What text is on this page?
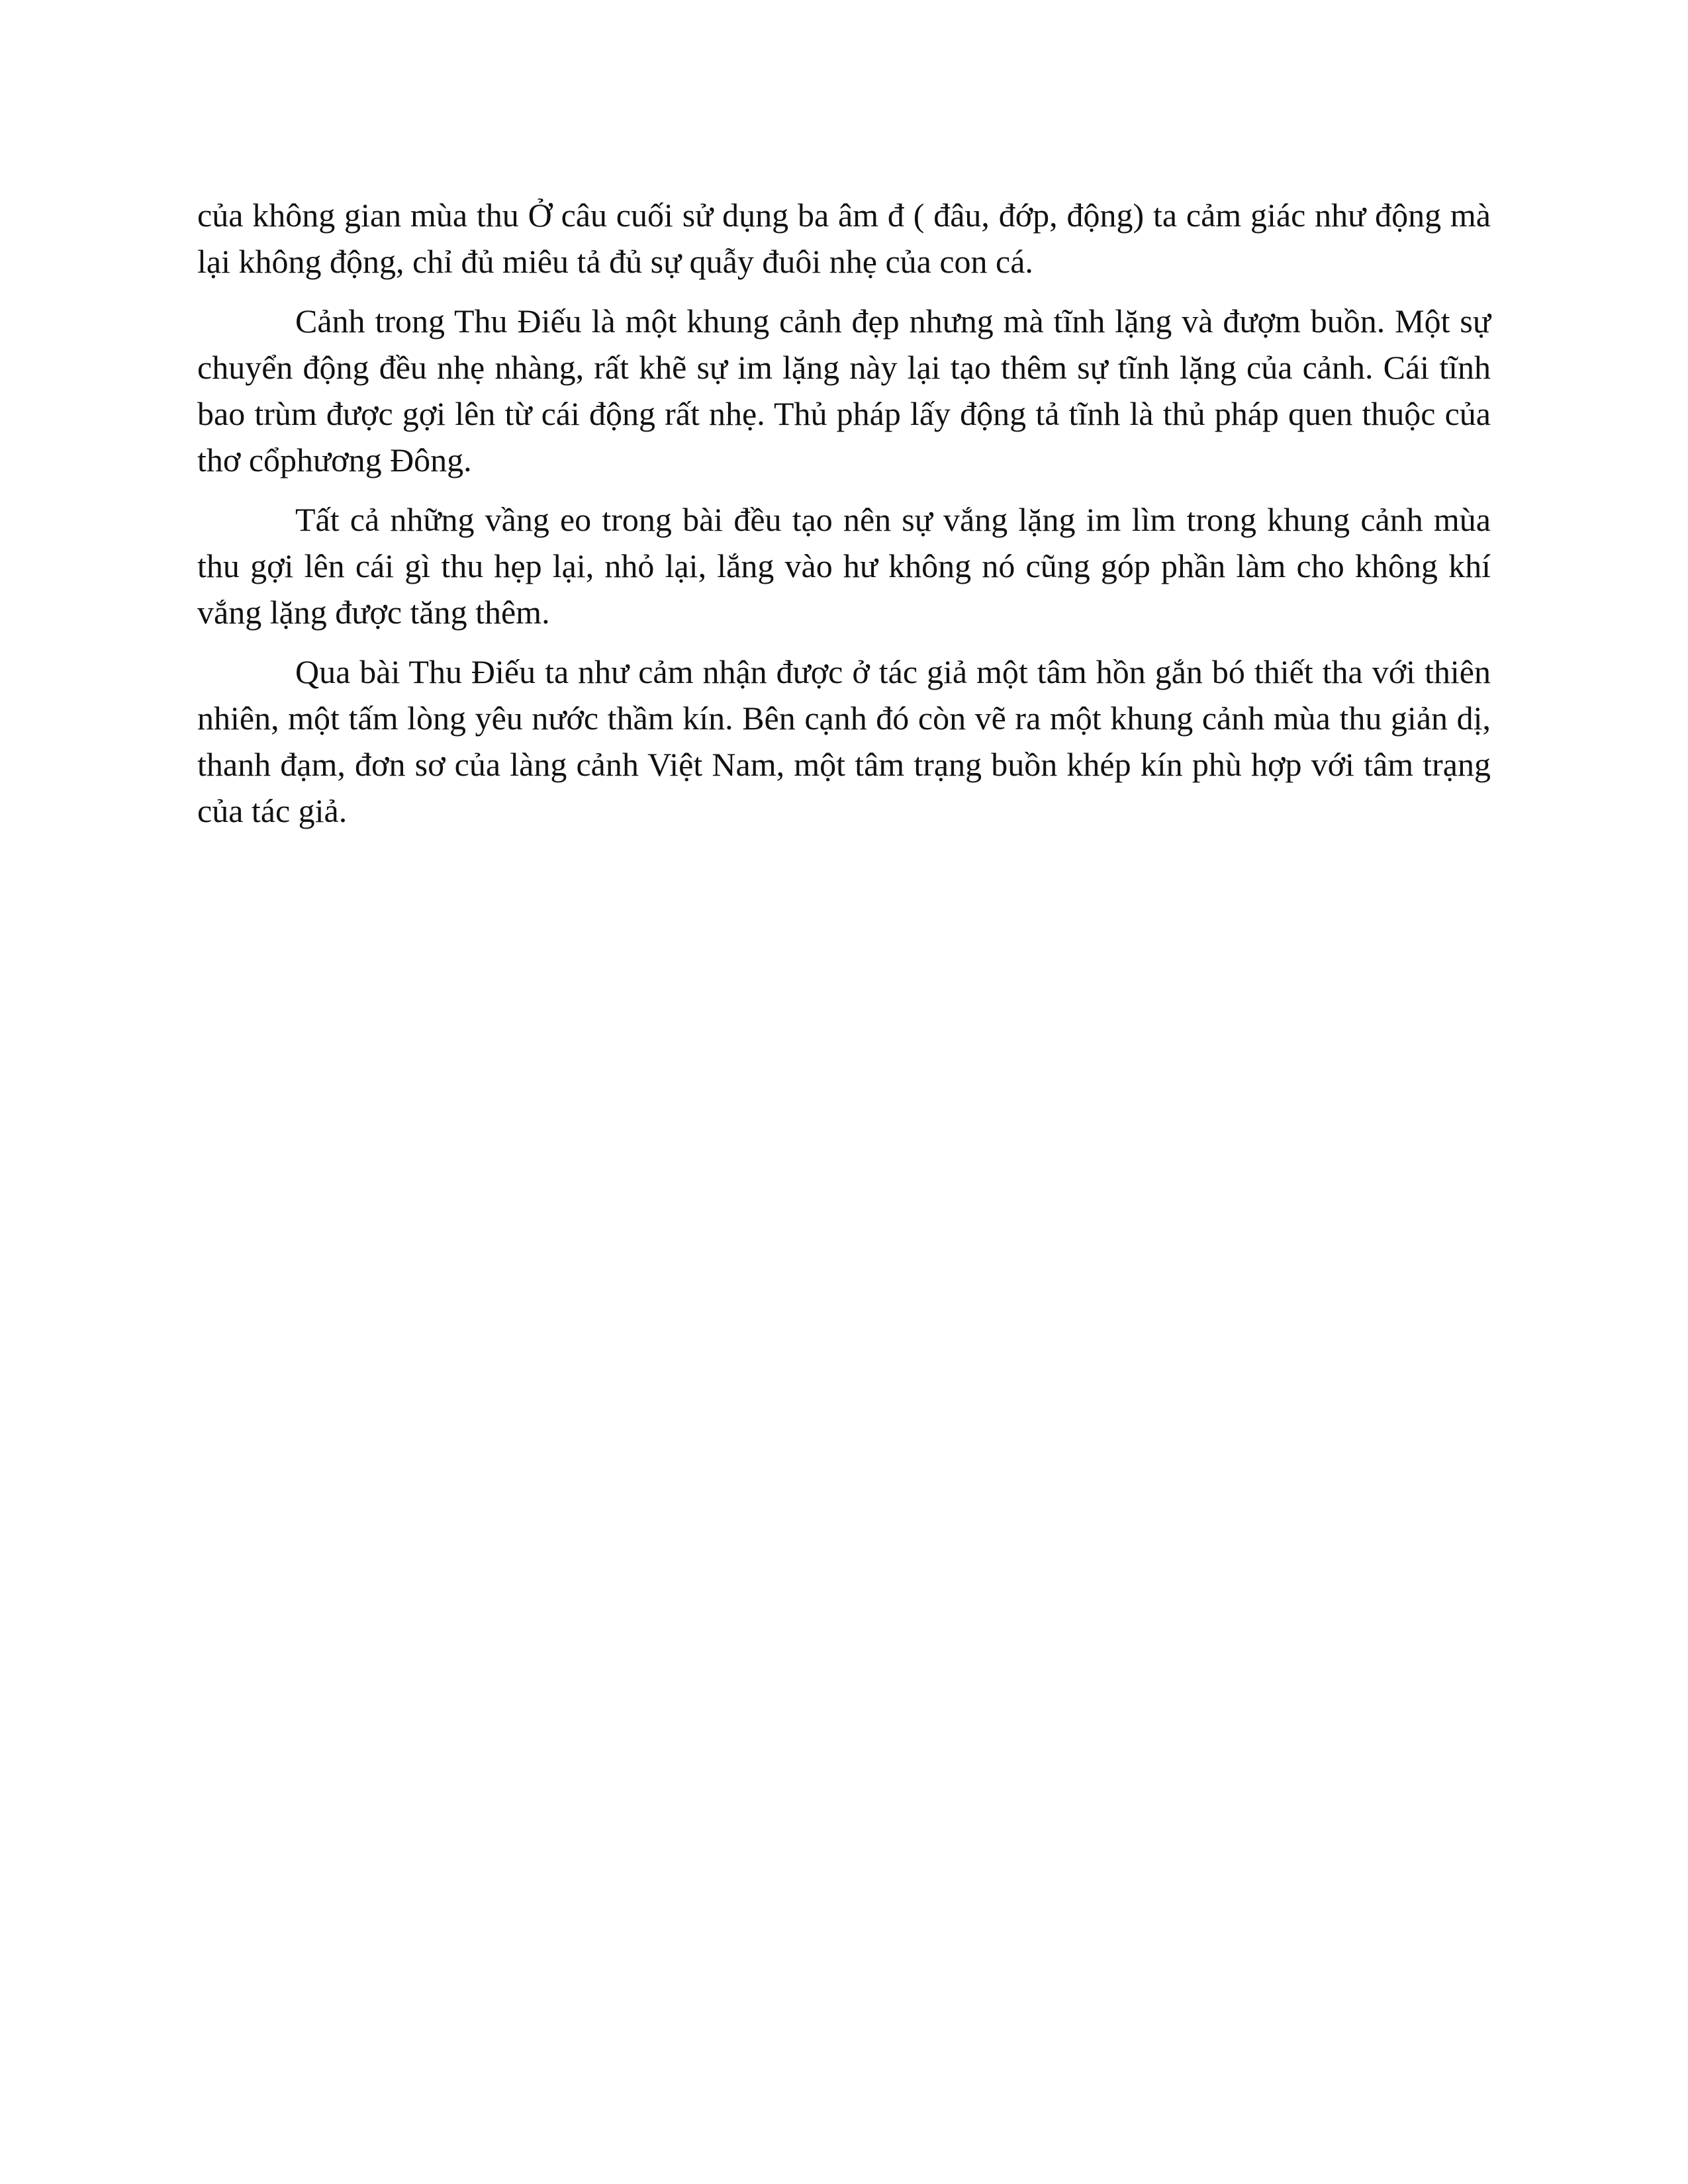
của không gian mùa thu Ở câu cuối sử dụng ba âm đ ( đâu, đớp, động) ta cảm giác như động mà lại không động, chỉ đủ miêu tả đủ sự quẫy đuôi nhẹ của con cá.

Cảnh trong Thu Điếu là một khung cảnh đẹp nhưng mà tĩnh lặng và đượm buồn. Một sự chuyển động đều nhẹ nhàng, rất khẽ sự im lặng này lại tạo thêm sự tĩnh lặng của cảnh. Cái tĩnh bao trùm được gợi lên từ cái động rất nhẹ. Thủ pháp lấy động tả tĩnh là thủ pháp quen thuộc của thơ cổphương Đông.

Tất cả những vầng eo trong bài đều tạo nên sự vắng lặng im lìm trong khung cảnh mùa thu gợi lên cái gì thu hẹp lại, nhỏ lại, lắng vào hư không nó cũng góp phần làm cho không khí vắng lặng được tăng thêm.

Qua bài Thu Điếu ta như cảm nhận được ở tác giả một tâm hồn gắn bó thiết tha với thiên nhiên, một tấm lòng yêu nước thầm kín. Bên cạnh đó còn vẽ ra một khung cảnh mùa thu giản dị, thanh đạm, đơn sơ của làng cảnh Việt Nam, một tâm trạng buồn khép kín phù hợp với tâm trạng của tác giả.
